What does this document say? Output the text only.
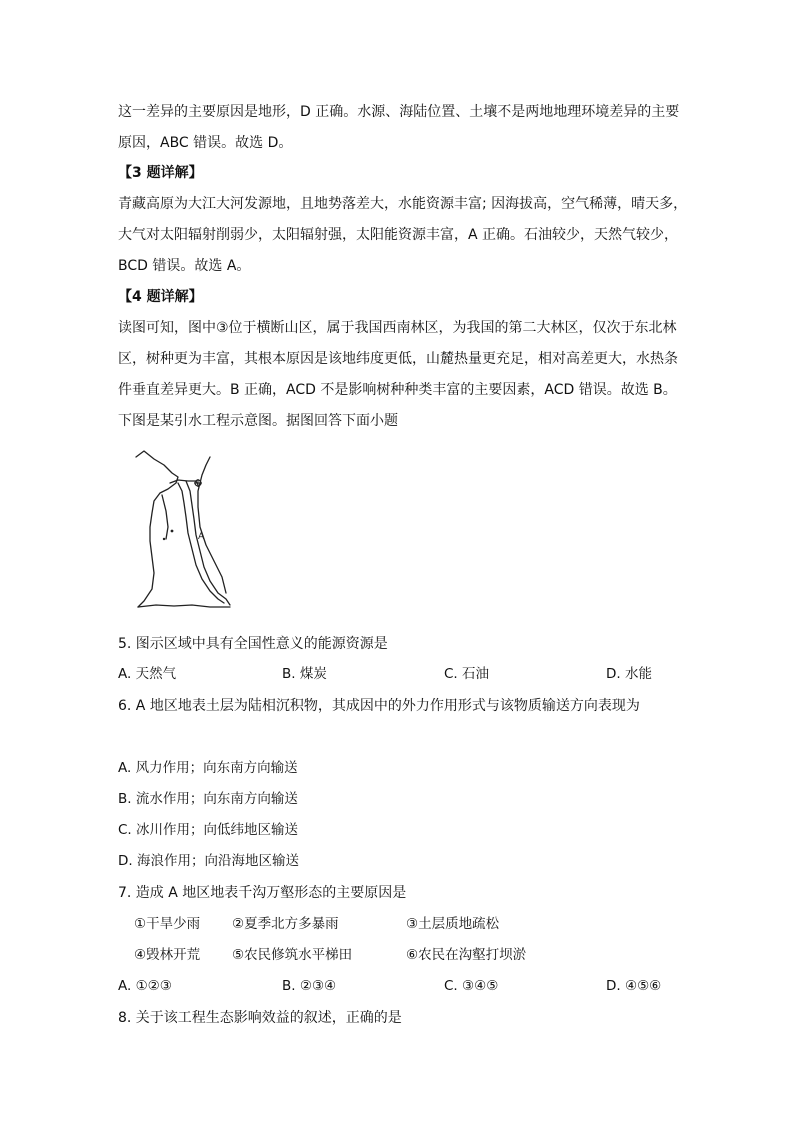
这一差异的主要原因是地形，D 正确。水源、海陆位置、土壤不是两地地理环境差异的主要
原因，ABC 错误。故选 D。
【3 题详解】
青藏高原为大江大河发源地，且地势落差大，水能资源丰富; 因海拔高，空气稀薄，晴天多，
大气对太阳辐射削弱少，太阳辐射强，太阳能资源丰富，A 正确。石油较少，天然气较少，
BCD 错误。故选 A。
【4 题详解】
读图可知，图中③位于横断山区，属于我国西南林区，为我国的第二大林区，仅次于东北林
区，树种更为丰富，其根本原因是该地纬度更低，山麓热量更充足，相对高差更大，水热条
件垂直差异更大。B 正确，ACD 不是影响树种种类丰富的主要因素，ACD 错误。故选 B。
下图是某引水工程示意图。据图回答下面小题
A
5. 图示区域中具有全国性意义的能源资源是
A. 天然气	B. 煤炭	C. 石油	D. 水能
6. A 地区地表土层为陆相沉积物，其成因中的外力作用形式与该物质输送方向表现为
A. 风力作用；向东南方向输送
B. 流水作用；向东南方向输送
C. 冰川作用；向低纬地区输送
D. 海浪作用；向沿海地区输送
7. 造成 A 地区地表千沟万壑形态的主要原因是
①干旱少雨 ②夏季北方多暴雨	③土层质地疏松
④毁林开荒 ⑤农民修筑水平梯田	⑥农民在沟壑打坝淤
A. ①②③	B. ②③④	C. ③④⑤	D. ④⑤⑥
8. 关于该工程生态影响效益的叙述，正确的是
